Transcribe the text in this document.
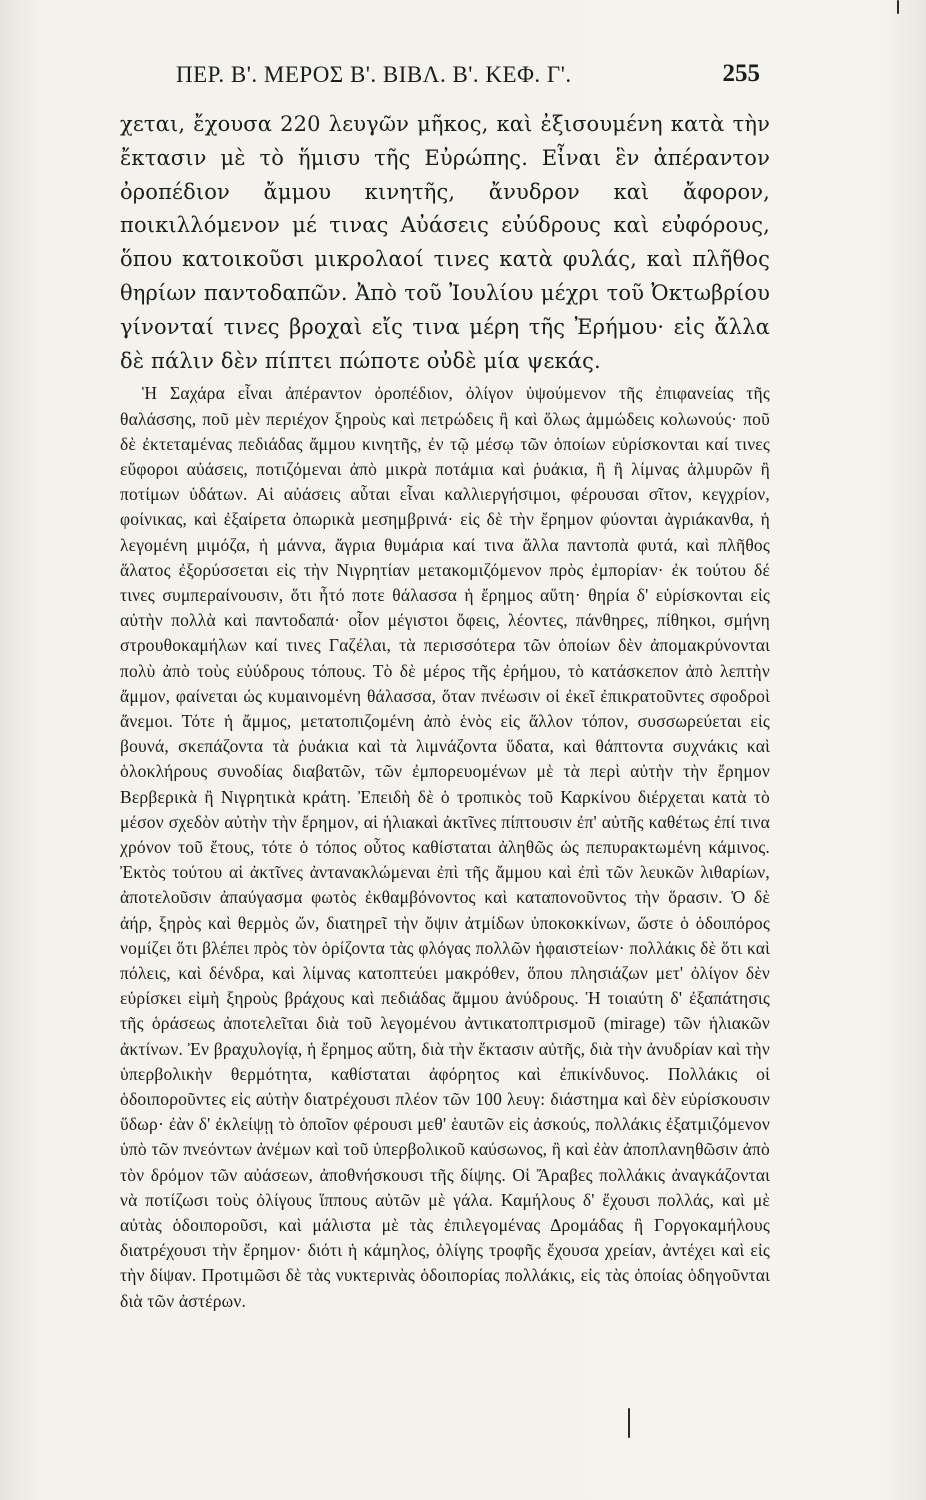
ΠΕΡ. Β'. ΜΕΡΟΣ Β'. ΒΙΒΛ. Β'. ΚΕΦ. Γ'.	255

χεται, ἔχουσα 220 λευγῶν μῆκος, καὶ ἐξισουμένη κατὰ τὴν ἔκτασιν μὲ τὸ ἥμισυ τῆς Εὐρώπης. Εἶναι ἓν ἀπέραντον ὀροπέδιον ἄμμου κινητῆς, ἄνυδρον καὶ ἄφορον, ποικιλλόμενον μέ τινας Αὐάσεις εὐύδρους καὶ εὐφόρους, ὅπου κατοικοῦσι μικρολαοί τινες κατὰ φυλάς, καὶ πλῆθος θηρίων παντοδαπῶν. Ἀπὸ τοῦ Ἰουλίου μέχρι τοῦ Ὀκτωβρίου γίνονταί τινες βροχαὶ εἴς τινα μέρη τῆς Ἐρήμου· εἰς ἄλλα δὲ πάλιν δὲν πίπτει πώποτε οὐδὲ μία ψεκάς.

Ἡ Σαχάρα εἶναι ἀπέραντον ὀροπέδιον, ὀλίγον ὑψούμενον τῆς ἐπιφανείας τῆς θαλάσσης, ποῦ μὲν περιέχον ξηροὺς καὶ πετρώδεις ἢ καὶ ὅλως ἀμμώδεις κολωνούς· ποῦ δὲ ἐκτεταμένας πεδιάδας ἄμμου κινητῆς, ἐν τῷ μέσῳ τῶν ὁποίων εὑρίσκονται καί τινες εὔφοροι αὐάσεις, ποτιζόμεναι ἀπὸ μικρὰ ποτάμια καὶ ῥυάκια, ἢ ἢ λίμνας ἁλμυρῶν ἢ ποτίμων ὑδάτων. Αἱ αὐάσεις αὗται εἶναι καλλιεργήσιμοι, φέρουσαι σῖτον, κεγχρίον, φοίνικας, καὶ ἐξαίρετα ὀπωρικὰ μεσημβρινά· εἰς δὲ τὴν ἔρημον φύονται ἀγριάκανθα, ἡ λεγομένη μιμόζα, ἡ μάννα, ἄγρια θυμάρια καί τινα ἄλλα παντοπὰ φυτά, καὶ πλῆθος ἅλατος ἐξορύσσεται εἰς τὴν Νιγρητίαν μετακομιζόμενον πρὸς ἐμπορίαν· ἐκ τούτου δέ τινες συμπεραίνουσιν, ὅτι ἦτό ποτε θάλασσα ἡ ἔρημος αὕτη· θηρία δ' εὑρίσκονται εἰς αὐτὴν πολλὰ καὶ παντοδαπά· οἷον μέγιστοι ὄφεις, λέοντες, πάνθηρες, πίθηκοι, σμήνη στρουθοκαμήλων καί τινες Γαζέλαι, τὰ περισσότερα τῶν ὁποίων δὲν ἀπομακρύνονται πολὺ ἀπὸ τοὺς εὐύδρους τόπους. Τὸ δὲ μέρος τῆς ἐρήμου, τὸ κατάσκεπον ἀπὸ λεπτὴν ἄμμον, φαίνεται ὡς κυμαινομένη θάλασσα, ὅταν πνέωσιν οἱ ἐκεῖ ἐπικρατοῦντες σφοδροὶ ἄνεμοι. Τότε ἡ ἄμμος, μετατοπιζομένη ἀπὸ ἑνὸς εἰς ἄλλον τόπον, συσσωρεύεται εἰς βουνά, σκεπάζοντα τὰ ῥυάκια καὶ τὰ λιμνάζοντα ὕδατα, καὶ θάπτοντα συχνάκις καὶ ὁλοκλήρους συνοδίας διαβατῶν, τῶν ἐμπορευομένων μὲ τὰ περὶ αὐτὴν τὴν ἔρημον Βερβερικὰ ἢ Νιγρητικὰ κράτη. Ἐπειδὴ δὲ ὁ τροπικὸς τοῦ Καρκίνου διέρχεται κατὰ τὸ μέσον σχεδὸν αὐτὴν τὴν ἔρημον, αἱ ἡλιακαὶ ἀκτῖνες πίπτουσιν ἐπ' αὐτῆς καθέτως ἐπί τινα χρόνον τοῦ ἔτους, τότε ὁ τόπος οὗτος καθίσταται ἀληθῶς ὡς πεπυρακτωμένη κάμινος. Ἐκτὸς τούτου αἱ ἀκτῖνες ἀντανακλώμεναι ἐπὶ τῆς ἄμμου καὶ ἐπὶ τῶν λευκῶν λιθαρίων, ἀποτελοῦσιν ἀπαύγασμα φωτὸς ἐκθαμβόνοντος καὶ καταπονοῦντος τὴν ὅρασιν. Ὁ δὲ ἀήρ, ξηρὸς καὶ θερμὸς ὤν, διατηρεῖ τὴν ὄψιν ἀτμίδων ὑποκοκκίνων, ὥστε ὁ ὁδοιπόρος νομίζει ὅτι βλέπει πρὸς τὸν ὁρίζοντα τὰς φλόγας πολλῶν ἡφαιστείων· πολλάκις δὲ ὅτι καὶ πόλεις, καὶ δένδρα, καὶ λίμνας κατοπτεύει μακρόθεν, ὅπου πλησιάζων μετ' ὀλίγον δὲν εὑρίσκει εἰμὴ ξηροὺς βράχους καὶ πεδιάδας ἄμμου ἀνύδρους. Ἡ τοιαύτη δ' ἐξαπάτησις τῆς ὁράσεως ἀποτελεῖται διὰ τοῦ λεγομένου ἀντικατοπτρισμοῦ (mirage) τῶν ἡλιακῶν ἀκτίνων. Ἐν βραχυλογίᾳ, ἡ ἔρημος αὕτη, διὰ τὴν ἔκτασιν αὐτῆς, διὰ τὴν ἀνυδρίαν καὶ τὴν ὑπερβολικὴν θερμότητα, καθίσταται ἀφόρητος καὶ ἐπικίνδυνος. Πολλάκις οἱ ὁδοιποροῦντες εἰς αὐτὴν διατρέχουσι πλέον τῶν 100 λευγ: διάστημα καὶ δὲν εὑρίσκουσιν ὕδωρ· ἐὰν δ' ἐκλείψῃ τὸ ὁποῖον φέρουσι μεθ' ἑαυτῶν εἰς ἀσκούς, πολλάκις ἐξατμιζόμενον ὑπὸ τῶν πνεόντων ἀνέμων καὶ τοῦ ὑπερβολικοῦ καύσωνος, ἢ καὶ ἐὰν ἀποπλανηθῶσιν ἀπὸ τὸν δρόμον τῶν αὐάσεων, ἀποθνήσκουσι τῆς δίψης. Οἱ Ἄραβες πολλάκις ἀναγκάζονται νὰ ποτίζωσι τοὺς ὀλίγους ἵππους αὐτῶν μὲ γάλα. Καμήλους δ' ἔχουσι πολλάς, καὶ μὲ αὐτὰς ὁδοιποροῦσι, καὶ μάλιστα μὲ τὰς ἐπιλεγομένας Δρομάδας ἢ Γοργοκαμήλους διατρέχουσι τὴν ἔρημον· διότι ἡ κάμηλος, ὀλίγης τροφῆς ἔχουσα χρείαν, ἀντέχει καὶ εἰς τὴν δίψαν. Προτιμῶσι δὲ τὰς νυκτερινὰς ὁδοιπορίας πολλάκις, εἰς τὰς ὁποίας ὁδηγοῦνται διὰ τῶν ἀστέρων.
